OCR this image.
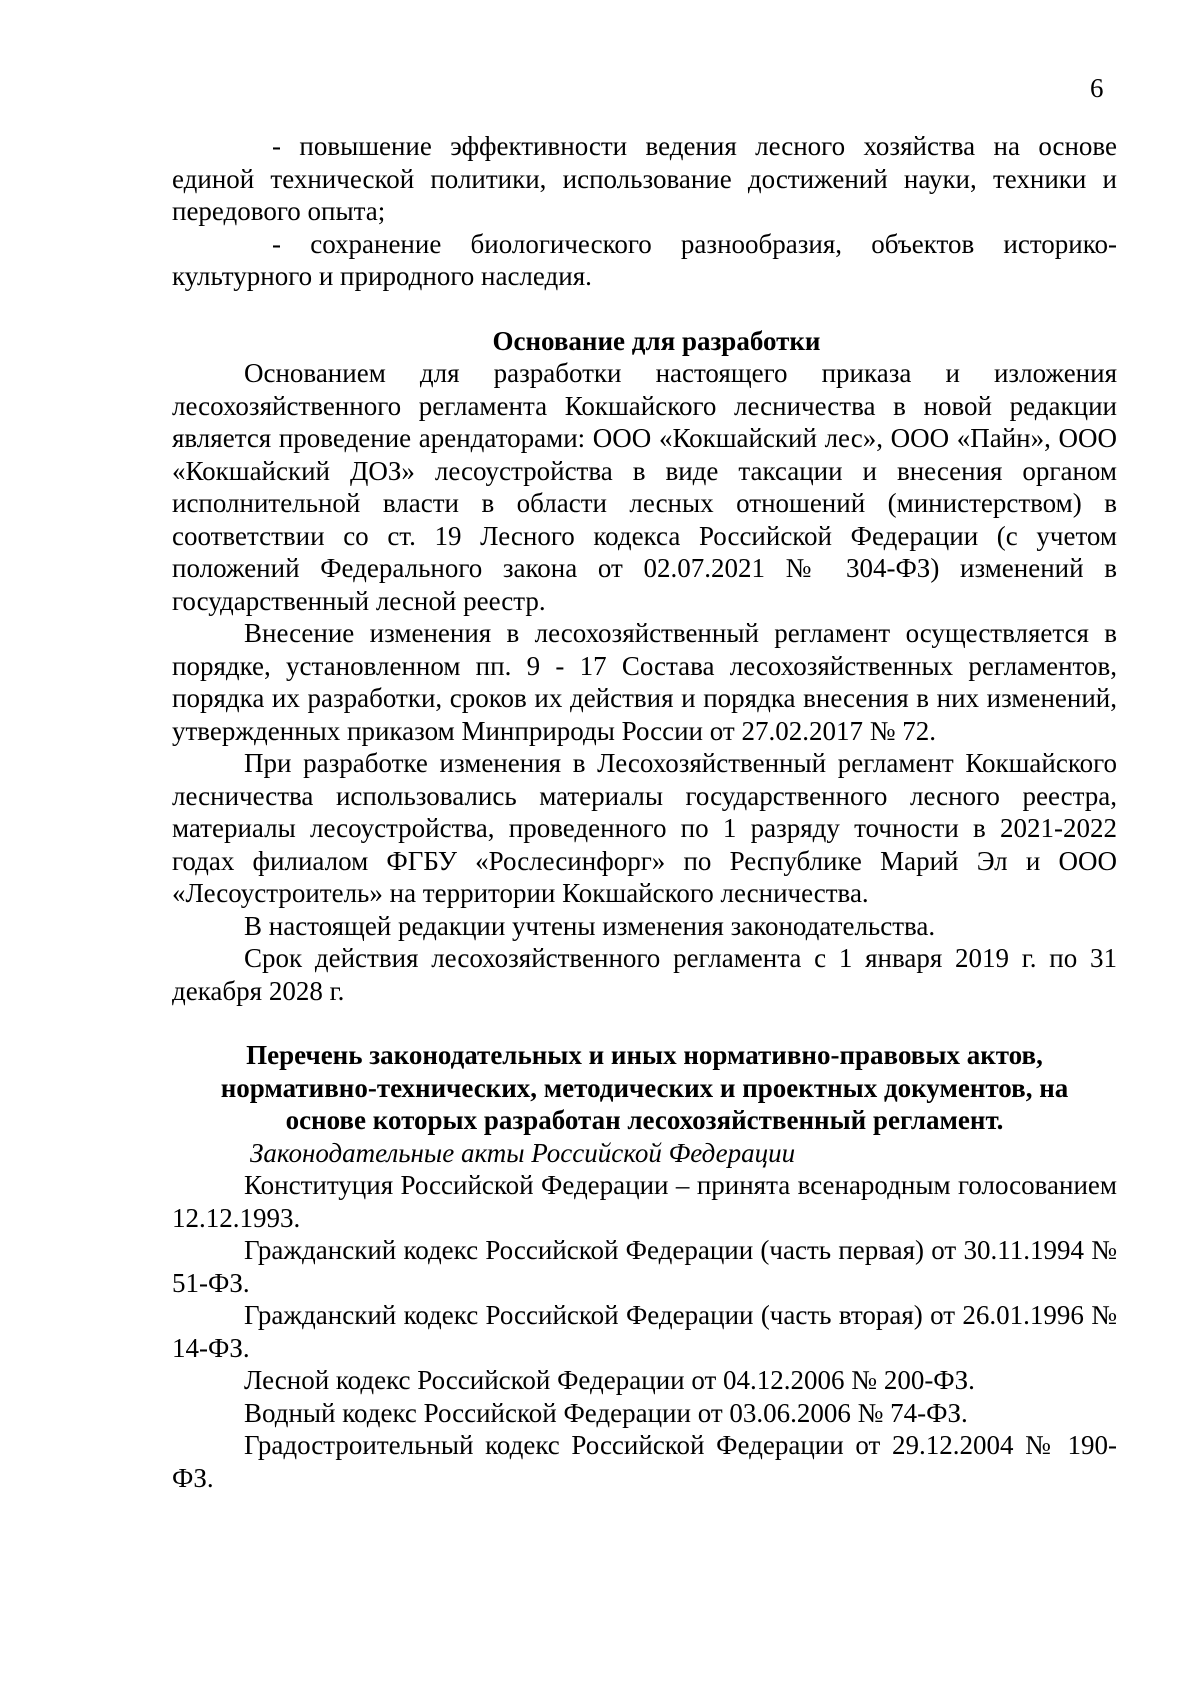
6

- повышение эффективности ведения лесного хозяйства на основе единой технической политики, использование достижений науки, техники и передового опыта;

- сохранение биологического разнообразия, объектов историко-культурного и природного наследия.

Основание для разработки

Основанием для разработки настоящего приказа и изложения лесохозяйственного регламента Кокшайского лесничества в новой редакции является проведение арендаторами: ООО «Кокшайский лес», ООО «Пайн», ООО «Кокшайский ДОЗ» лесоустройства в виде таксации и внесения органом исполнительной власти в области лесных отношений (министерством) в соответствии со ст. 19 Лесного кодекса Российской Федерации (с учетом положений Федерального закона от 02.07.2021 № 304-ФЗ) изменений в государственный лесной реестр.

Внесение изменения в лесохозяйственный регламент осуществляется в порядке, установленном пп. 9 - 17 Состава лесохозяйственных регламентов, порядка их разработки, сроков их действия и порядка внесения в них изменений, утвержденных приказом Минприроды России от 27.02.2017 № 72.

При разработке изменения в Лесохозяйственный регламент Кокшайского лесничества использовались материалы государственного лесного реестра, материалы лесоустройства, проведенного по 1 разряду точности в 2021-2022 годах филиалом ФГБУ «Рослесинфорг» по Республике Марий Эл и ООО «Лесоустроитель» на территории Кокшайского лесничества.

В настоящей редакции учтены изменения законодательства.

Срок действия лесохозяйственного регламента с 1 января 2019 г. по 31 декабря 2028 г.

Перечень законодательных и иных нормативно-правовых актов,
нормативно-технических, методических и проектных документов, на
основе которых разработан лесохозяйственный регламент.

Законодательные акты Российской Федерации

Конституция Российской Федерации – принята всенародным голосованием 12.12.1993.

Гражданский кодекс Российской Федерации (часть первая) от 30.11.1994 № 51-ФЗ.

Гражданский кодекс Российской Федерации (часть вторая) от 26.01.1996 № 14-ФЗ.

Лесной кодекс Российской Федерации от 04.12.2006 № 200-ФЗ.

Водный кодекс Российской Федерации от 03.06.2006 № 74-ФЗ.

Градостроительный кодекс Российской Федерации от 29.12.2004 № 190-ФЗ.
